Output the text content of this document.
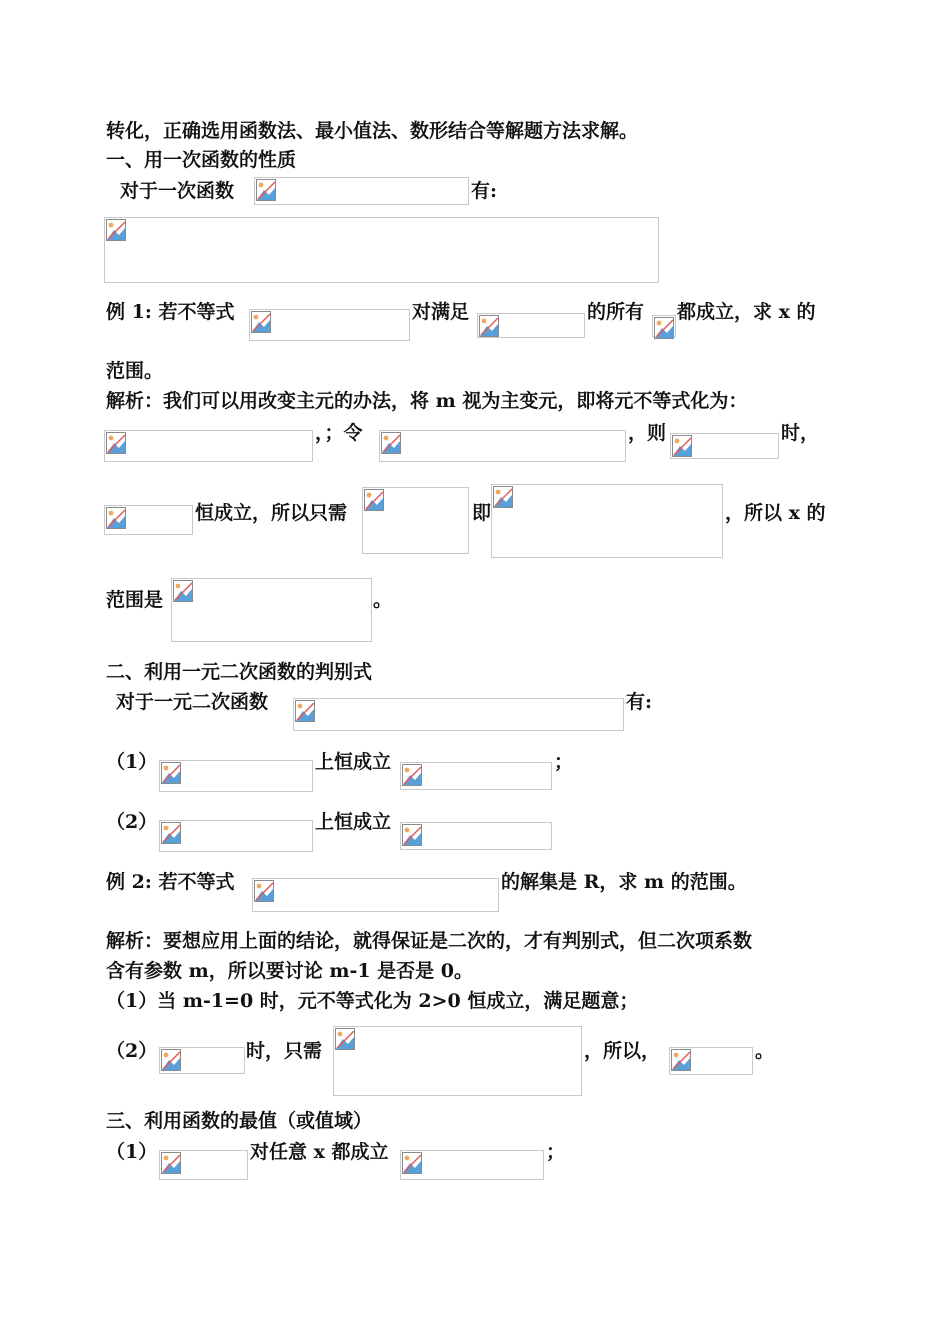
转化，正确选用函数法、最小值法、数形结合等解题方法求解。
一、用一次函数的性质
对于一次函数	有:
例 1: 若不等式	对满足	的所有 都成立，求 x 的
范围。
解析：我们可以用改变主元的办法，将 m 视为主变元，即将元不等式化为：
，；令	，则	时，
恒成立，所以只需	即	，所以 x 的
范围是	。
二、利用一元二次函数的判别式
对于一元二次函数	有:
（1）	上恒成立	；
（2）	上恒成立
例 2: 若不等式	的解集是 R，求 m 的范围。
解析：要想应用上面的结论，就得保证是二次的，才有判别式，但二次项系数
含有参数 m，所以要讨论 m-1 是否是 0。
（1）当 m-1=0 时，元不等式化为 2>0 恒成立，满足题意；
（2）	时，只需	，所以，	。
三、利用函数的最值（或值域）
（1）	对任意 x 都成立	；
